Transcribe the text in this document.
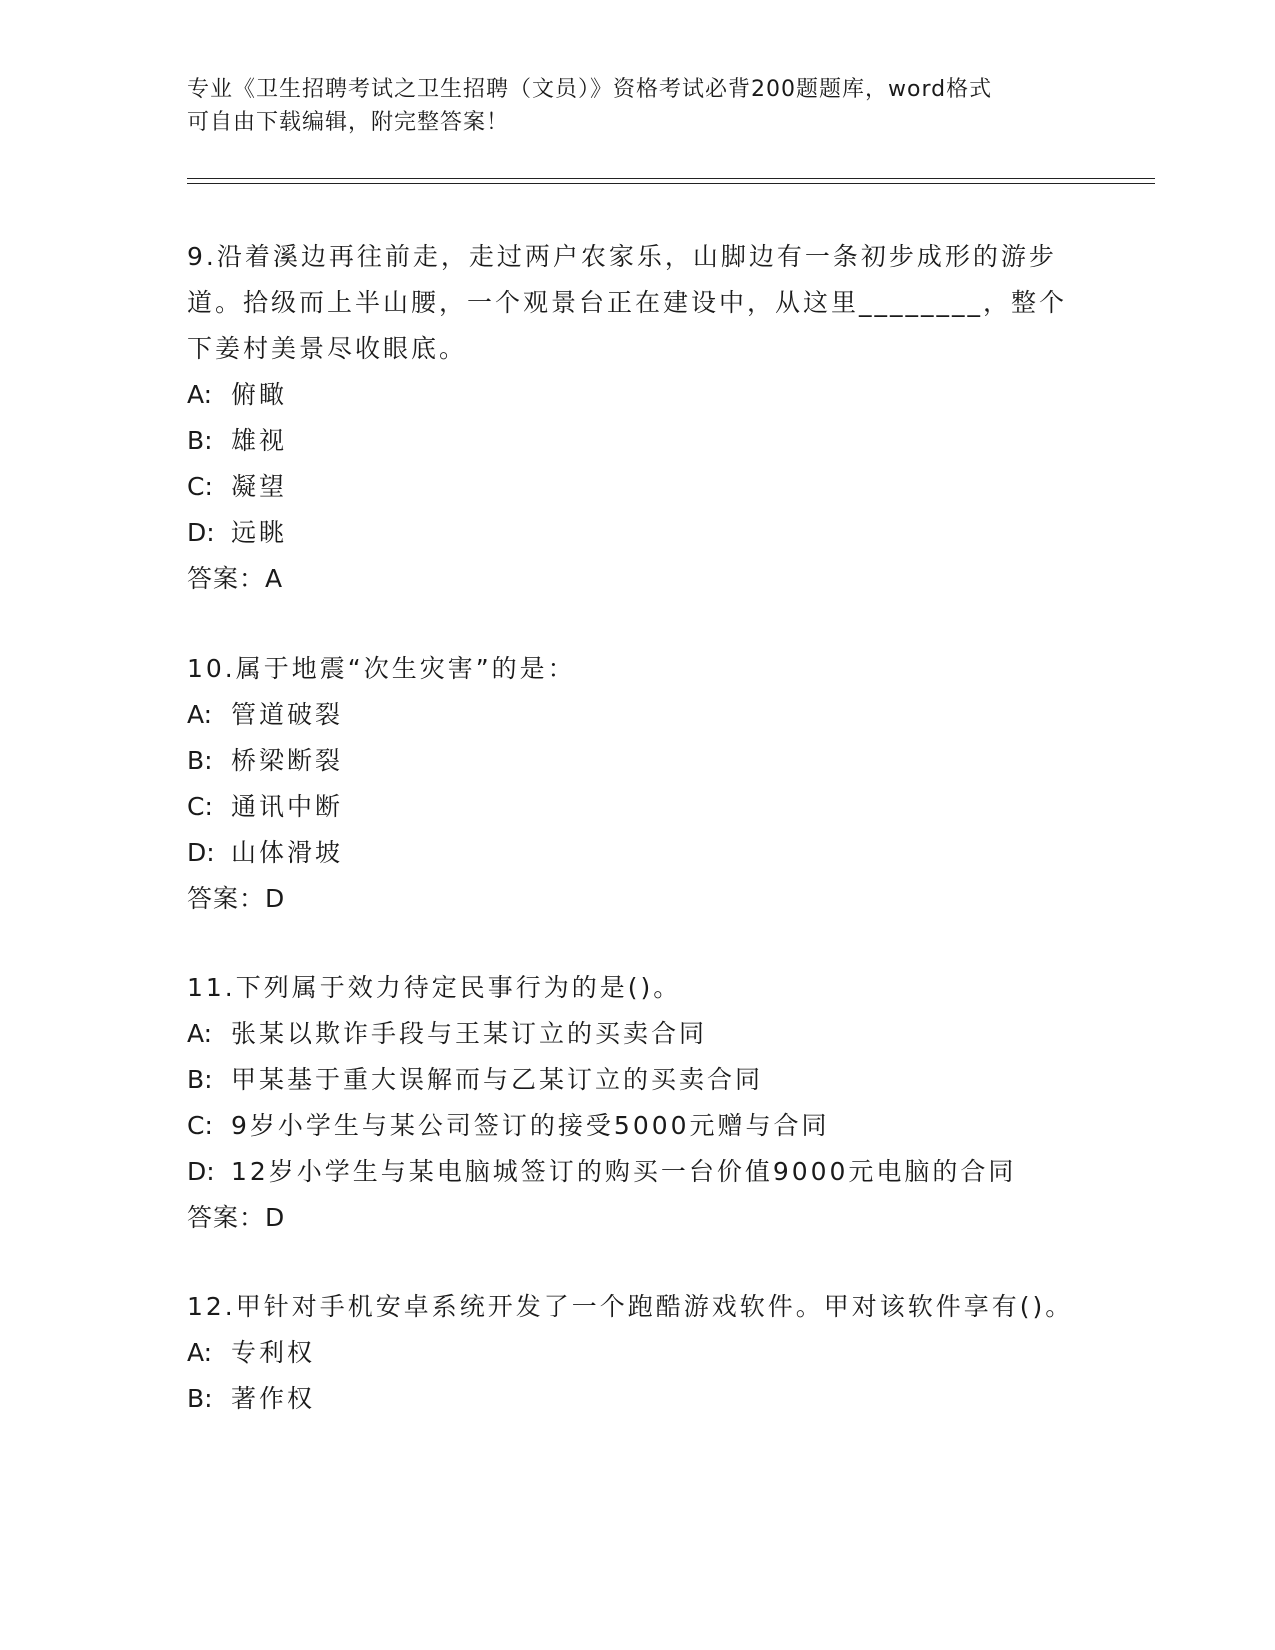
专业《卫生招聘考试之卫生招聘（文员）》资格考试必背200题题库，word格式
可自由下载编辑，附完整答案！

9.沿着溪边再往前走，走过两户农家乐，山脚边有一条初步成形的游步道。拾级而上半山腰，一个观景台正在建设中，从这里________，整个下姜村美景尽收眼底。

A: 俯瞰
B: 雄视
C: 凝望
D: 远眺
答案：A

10.属于地震“次生灾害”的是：

A: 管道破裂
B: 桥梁断裂
C: 通讯中断
D: 山体滑坡
答案：D

11.下列属于效力待定民事行为的是()。

A: 张某以欺诈手段与王某订立的买卖合同
B: 甲某基于重大误解而与乙某订立的买卖合同
C: 9岁小学生与某公司签订的接受5000元赠与合同
D: 12岁小学生与某电脑城签订的购买一台价值9000元电脑的合同
答案：D

12.甲针对手机安卓系统开发了一个跑酷游戏软件。甲对该软件享有()。

A: 专利权
B: 著作权
